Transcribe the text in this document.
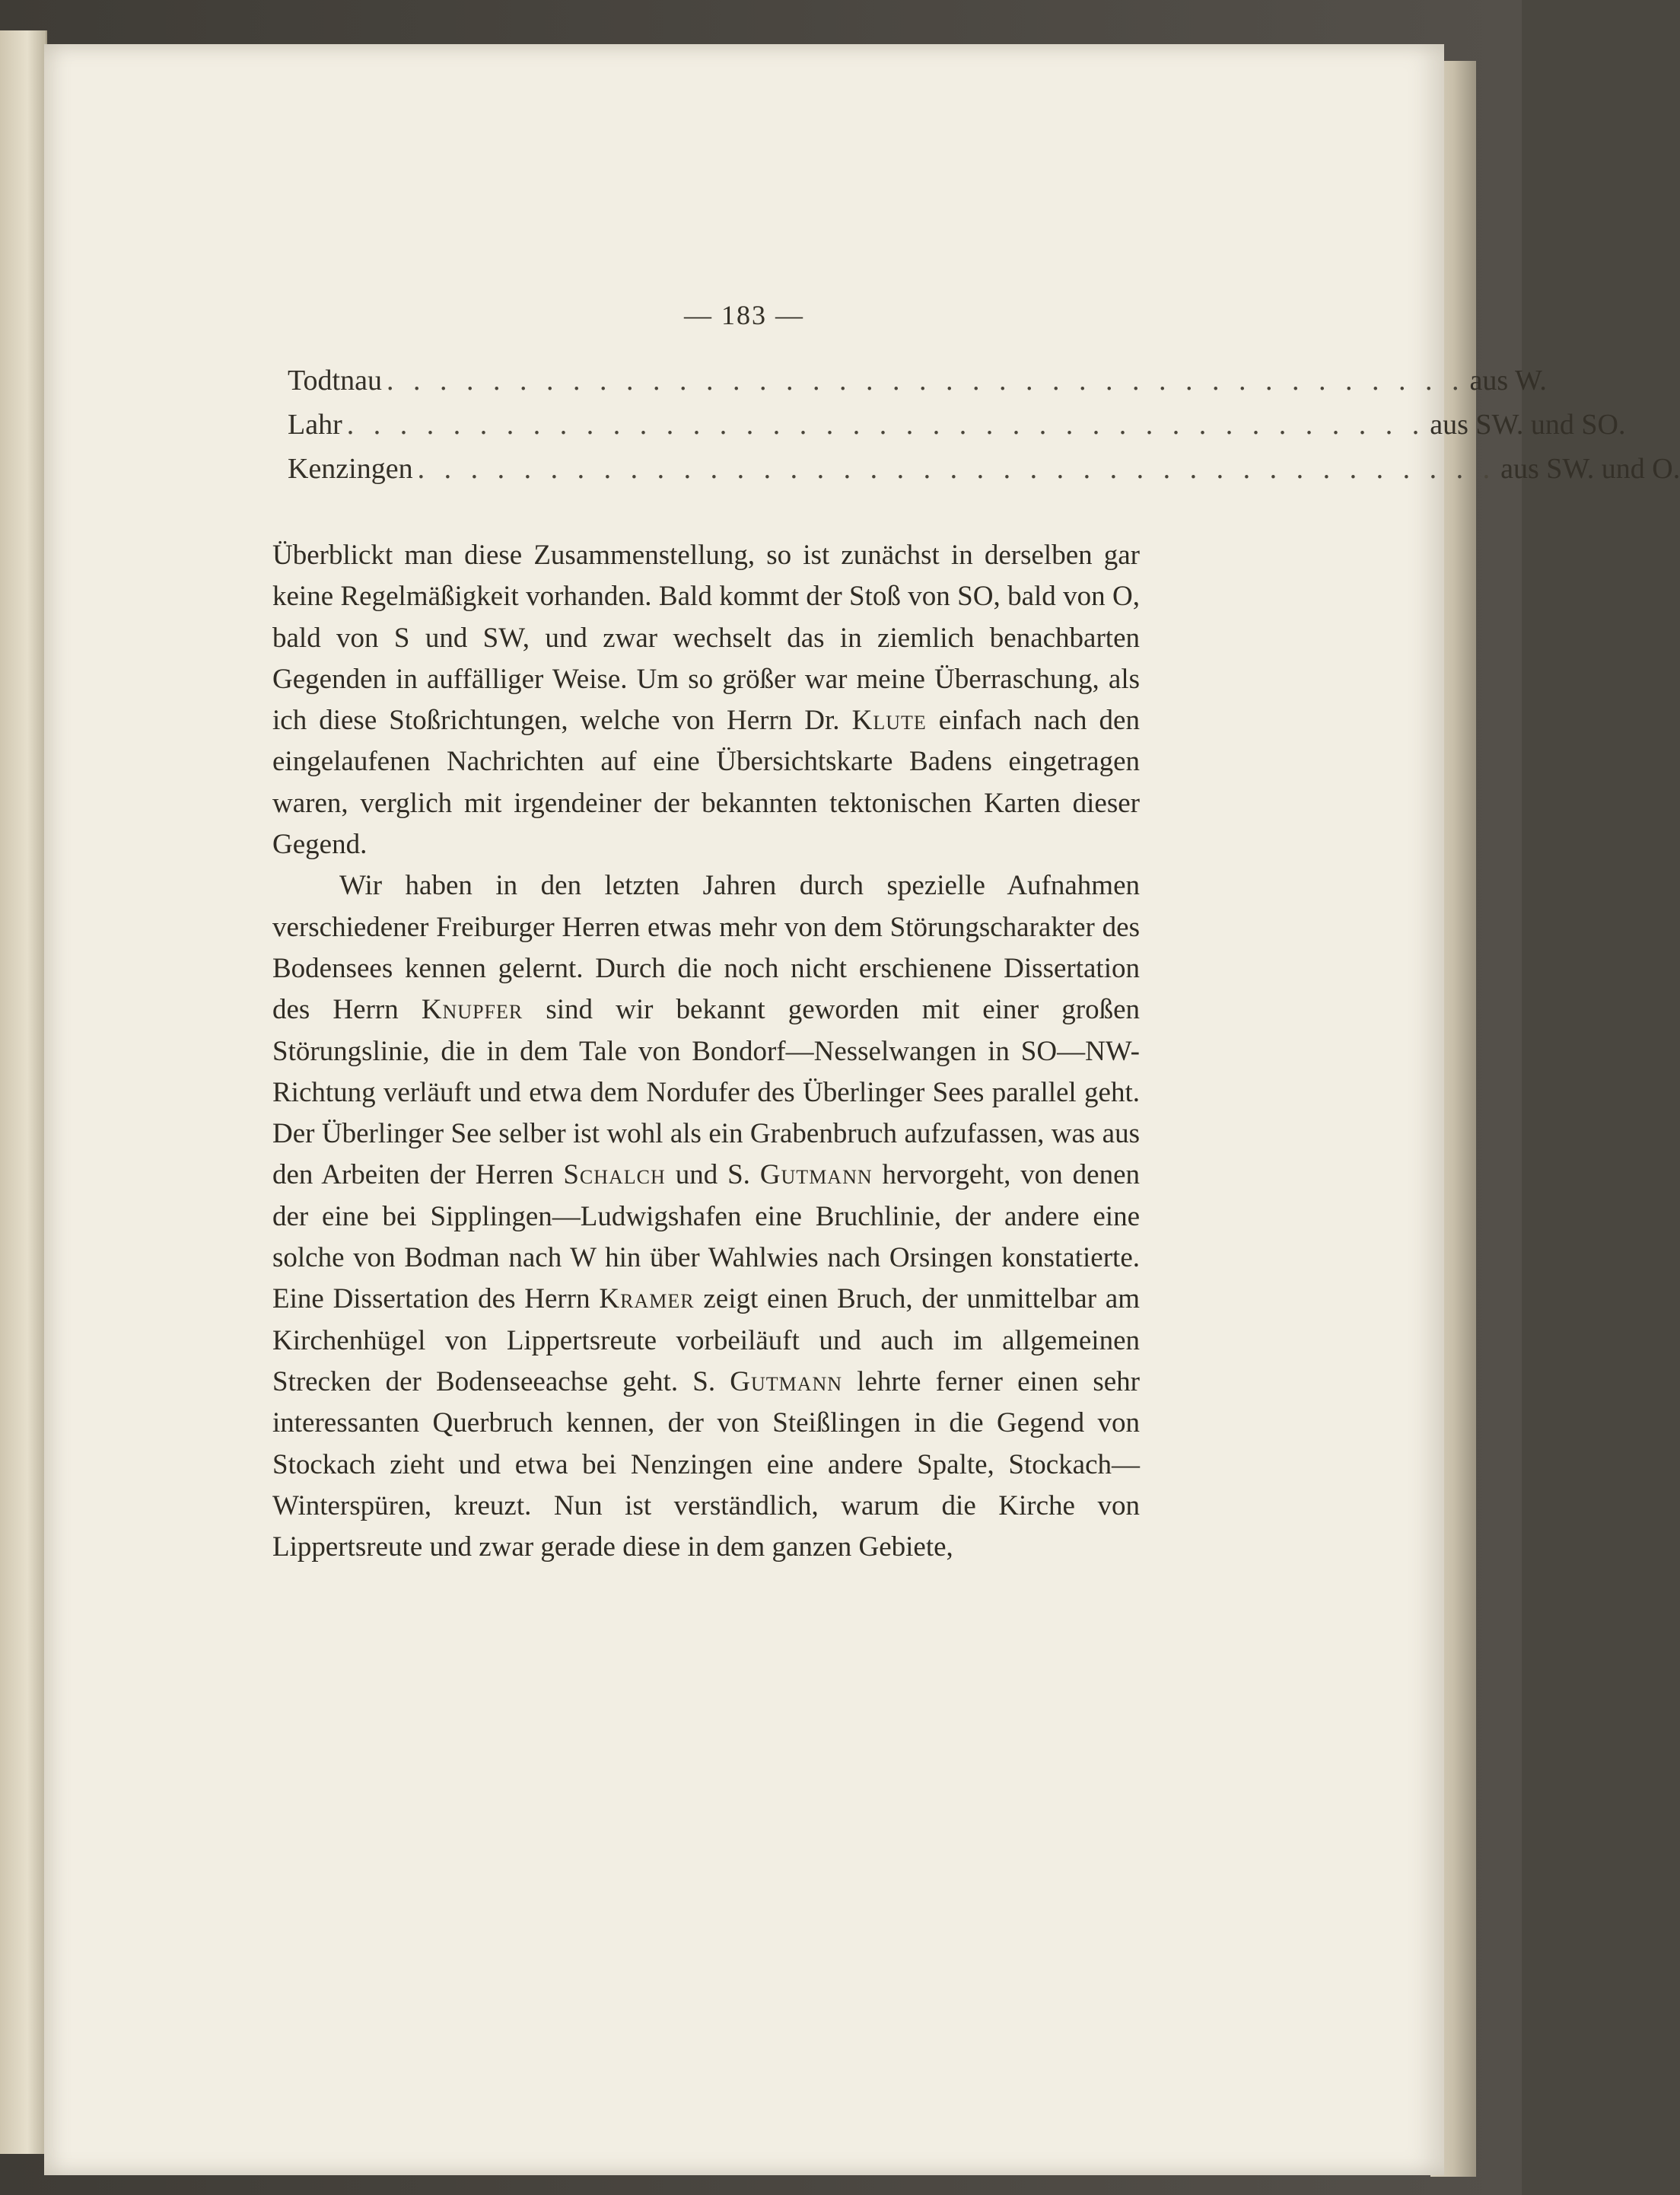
— 183 —
Todtnau . . . . . . . . . . . . . . . . . . . . . . . . . . . . . . . . . . . . . . . . . aus W.
Lahr . . . . . . . . . . . . . . . . . . . . . . . . . . . . . . . . . . . . . . . . . aus SW. und SO.
Kenzingen . . . . . . . . . . . . . . . . . . . . . . . . . . . . . . . . . . . . . . . . . aus SW. und O.

Überblickt man diese Zusammenstellung, so ist zunächst in derselben gar keine Regelmäßigkeit vorhanden. Bald kommt der Stoß von SO, bald von O, bald von S und SW, und zwar wechselt das in ziemlich benachbarten Gegenden in auffälliger Weise. Um so größer war meine Überraschung, als ich diese Stoßrichtungen, welche von Herrn Dr. Klute einfach nach den eingelaufenen Nachrichten auf eine Übersichtskarte Badens eingetragen waren, verglich mit irgendeiner der bekannten tektonischen Karten dieser Gegend.

Wir haben in den letzten Jahren durch spezielle Aufnahmen verschiedener Freiburger Herren etwas mehr von dem Störungscharakter des Bodensees kennen gelernt. Durch die noch nicht erschienene Dissertation des Herrn Knupfer sind wir bekannt geworden mit einer großen Störungslinie, die in dem Tale von Bondorf—Nesselwangen in SO—NW-Richtung verläuft und etwa dem Nordufer des Überlinger Sees parallel geht. Der Überlinger See selber ist wohl als ein Grabenbruch aufzufassen, was aus den Arbeiten der Herren Schalch und S. Gutmann hervorgeht, von denen der eine bei Sipplingen—Ludwigshafen eine Bruchlinie, der andere eine solche von Bodman nach W hin über Wahlwies nach Orsingen konstatierte. Eine Dissertation des Herrn Kramer zeigt einen Bruch, der unmittelbar am Kirchenhügel von Lippertsreute vorbeiläuft und auch im allgemeinen Strecken der Bodenseeachse geht. S. Gutmann lehrte ferner einen sehr interessanten Querbruch kennen, der von Steißlingen in die Gegend von Stockach zieht und etwa bei Nenzingen eine andere Spalte, Stockach—Winterspüren, kreuzt. Nun ist verständlich, warum die Kirche von Lippertsreute und zwar gerade diese in dem ganzen Gebiete,
